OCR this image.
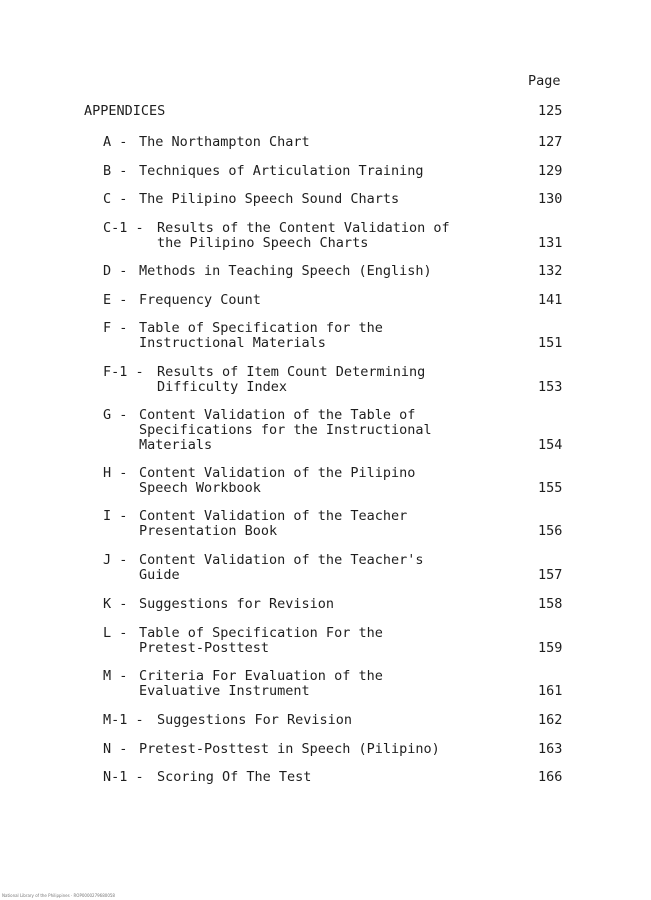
Page
APPENDICES	125
A - The Northampton Chart	127
B - Techniques of Articulation Training	129
C - The Pilipino Speech Sound Charts	130
C-1 - Results of the Content Validation of
the Pilipino Speech Charts	131
D - Methods in Teaching Speech (English)	132
E - Frequency Count	141
F - Table of Specification for the
Instructional Materials	151
F-1 - Results of Item Count Determining
Difficulty Index	153
G - Content Validation of the Table of
Specifications for the Instructional
Materials	154
H - Content Validation of the Pilipino
Speech Workbook	155
I - Content Validation of the Teacher
Presentation Book	156
J - Content Validation of the Teacher's
Guide	157
K - Suggestions for Revision	158
L - Table of Specification For the
Pretest-Posttest	159
M - Criteria For Evaluation of the
Evaluative Instrument	161
M-1 - Suggestions For Revision	162
N - Pretest-Posttest in Speech (Pilipino)	163
N-1 - Scoring Of The Test	166
National Library of the Philippines · ROP0000279680058
